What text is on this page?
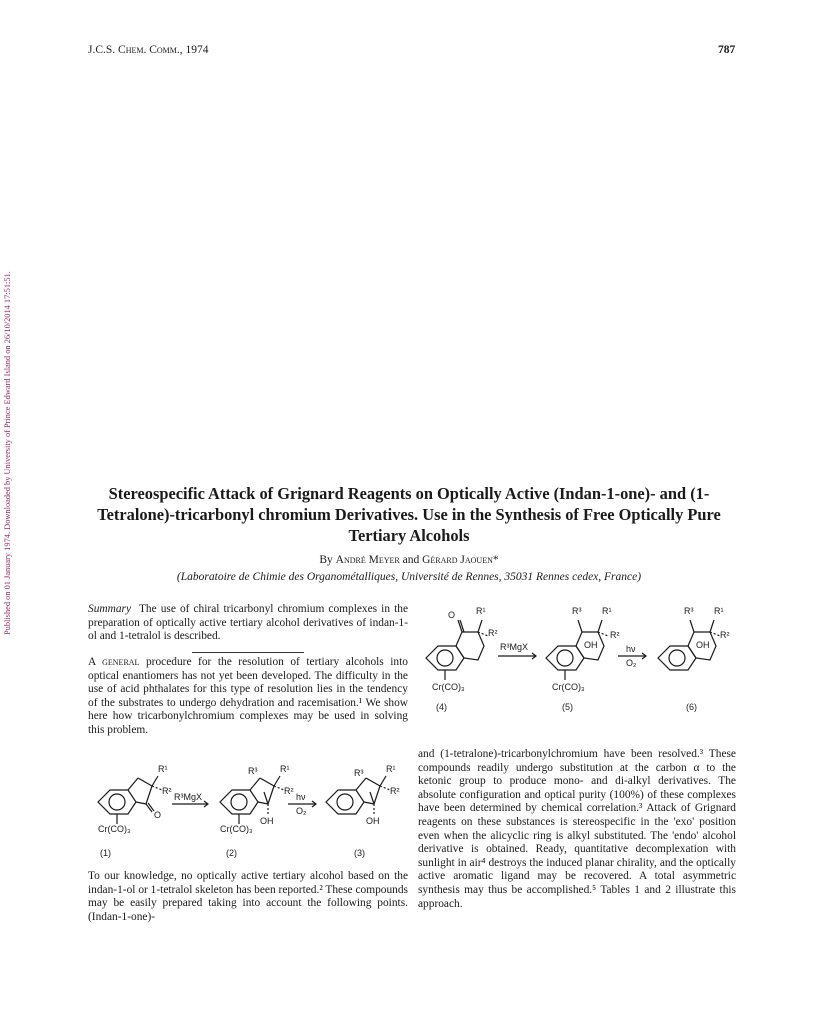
Published on 01 January 1974. Downloaded by University of Prince Edward Island on 26/10/2014 17:51:51.
J.C.S. Chem. Comm., 1974	787
Stereospecific Attack of Grignard Reagents on Optically Active (Indan-1-one)- and (1-Tetralone)-tricarbonyl chromium Derivatives. Use in the Synthesis of Free Optically Pure Tertiary Alcohols
By André Meyer and Gérard Jaouen*
(Laboratoire de Chimie des Organométalliques, Université de Rennes, 35031 Rennes cedex, France)
Summary The use of chiral tricarbonyl chromium complexes in the preparation of optically active tertiary alcohol derivatives of indan-1-ol and 1-tetralol is described.
A general procedure for the resolution of tertiary alcohols into optical enantiomers has not yet been developed. The difficulty in the use of acid phthalates for this type of resolution lies in the tendency of the substrates to undergo dehydration and racemisation.¹ We show here how tricarbonylchromium complexes may be used in solving this problem.
R¹
R²
O
Cr(CO)₃
R³MgX
R³	R¹
R²
OH
Cr(CO)₃
hν
O₂
R³	R¹
R²
OH
(1)	(2)	(3)
To our knowledge, no optically active tertiary alcohol based on the indan-1-ol or 1-tetralol skeleton has been reported.² These compounds may be easily prepared taking into account the following points. (Indan-1-one)-
O R¹
R²
Cr(CO)₃
R³MgX
R³ R¹
R²
OH
Cr(CO)₃
hν
O₂
R³ R¹
R²
OH
(4)	(5)	(6)
and (1-tetralone)-tricarbonylchromium have been resolved.³ These compounds readily undergo substitution at the carbon α to the ketonic group to produce mono- and di-alkyl derivatives. The absolute configuration and optical purity (100%) of these complexes have been determined by chemical correlation.³ Attack of Grignard reagents on these substances is stereospecific in the 'exo' position even when the alicyclic ring is alkyl substituted. The 'endo' alcohol derivative is obtained. Ready, quantitative decomplexation with sunlight in air⁴ destroys the induced planar chirality, and the optically active aromatic ligand may be recovered. A total asymmetric synthesis may thus be accomplished.⁵ Tables 1 and 2 illustrate this approach.
